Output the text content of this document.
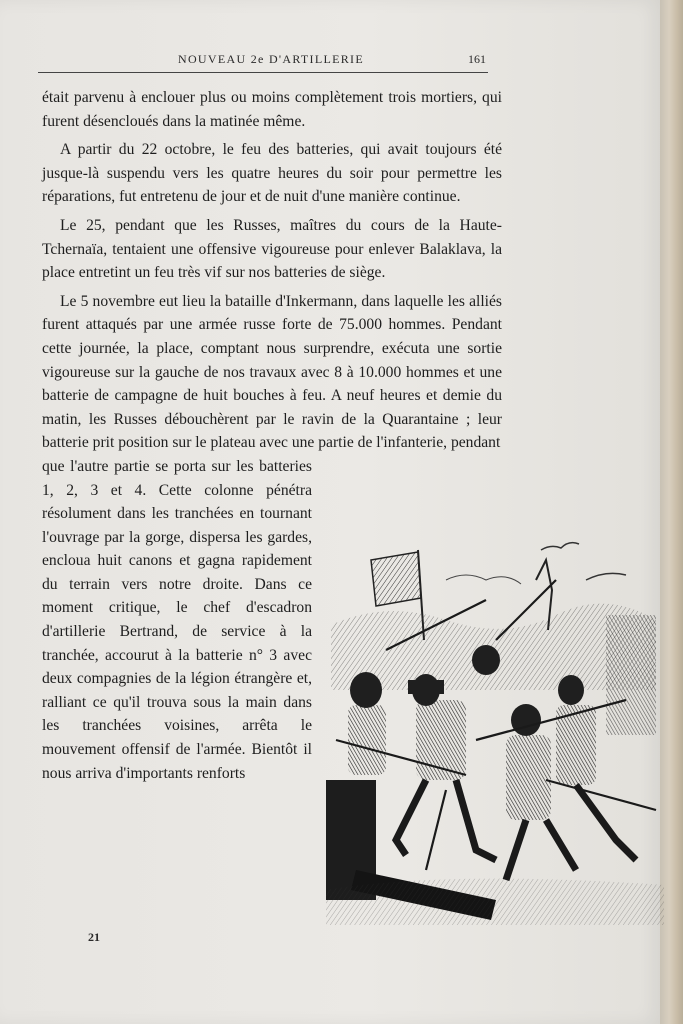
NOUVEAU 2e D'ARTILLERIE	161

était parvenu à enclouer plus ou moins complètement trois mortiers, qui furent désencloués dans la matinée même.

A partir du 22 octobre, le feu des batteries, qui avait toujours été jusque-là suspendu vers les quatre heures du soir pour permettre les réparations, fut entretenu de jour et de nuit d'une manière continue.

Le 25, pendant que les Russes, maîtres du cours de la Haute-Tchernaïa, tentaient une offensive vigoureuse pour enlever Balaklava, la place entretint un feu très vif sur nos batteries de siège.

Le 5 novembre eut lieu la bataille d'Inkermann, dans laquelle les alliés furent attaqués par une armée russe forte de 75.000 hommes. Pendant cette journée, la place, comptant nous surprendre, exécuta une sortie vigoureuse sur la gauche de nos travaux avec 8 à 10.000 hommes et une batterie de campagne de huit bouches à feu. A neuf heures et demie du matin, les Russes débouchèrent par le ravin de la Quarantaine ; leur batterie prit position sur le plateau avec une partie de l'infanterie, pendant

que l'autre partie se porta sur les batteries 1, 2, 3 et 4. Cette colonne pénétra résolument dans les tranchées en tournant l'ouvrage par la gorge, dispersa les gardes, encloua huit canons et gagna rapidement du terrain vers notre droite. Dans ce moment critique, le chef d'escadron d'artillerie Bertrand, de service à la tranchée, accourut à la batterie n° 3 avec deux compagnies de la légion étrangère et, ralliant ce qu'il trouva sous la main dans les tranchées voisines, arrêta le mouvement offensif de l'armée. Bientôt il nous arriva d'importants renforts

21
